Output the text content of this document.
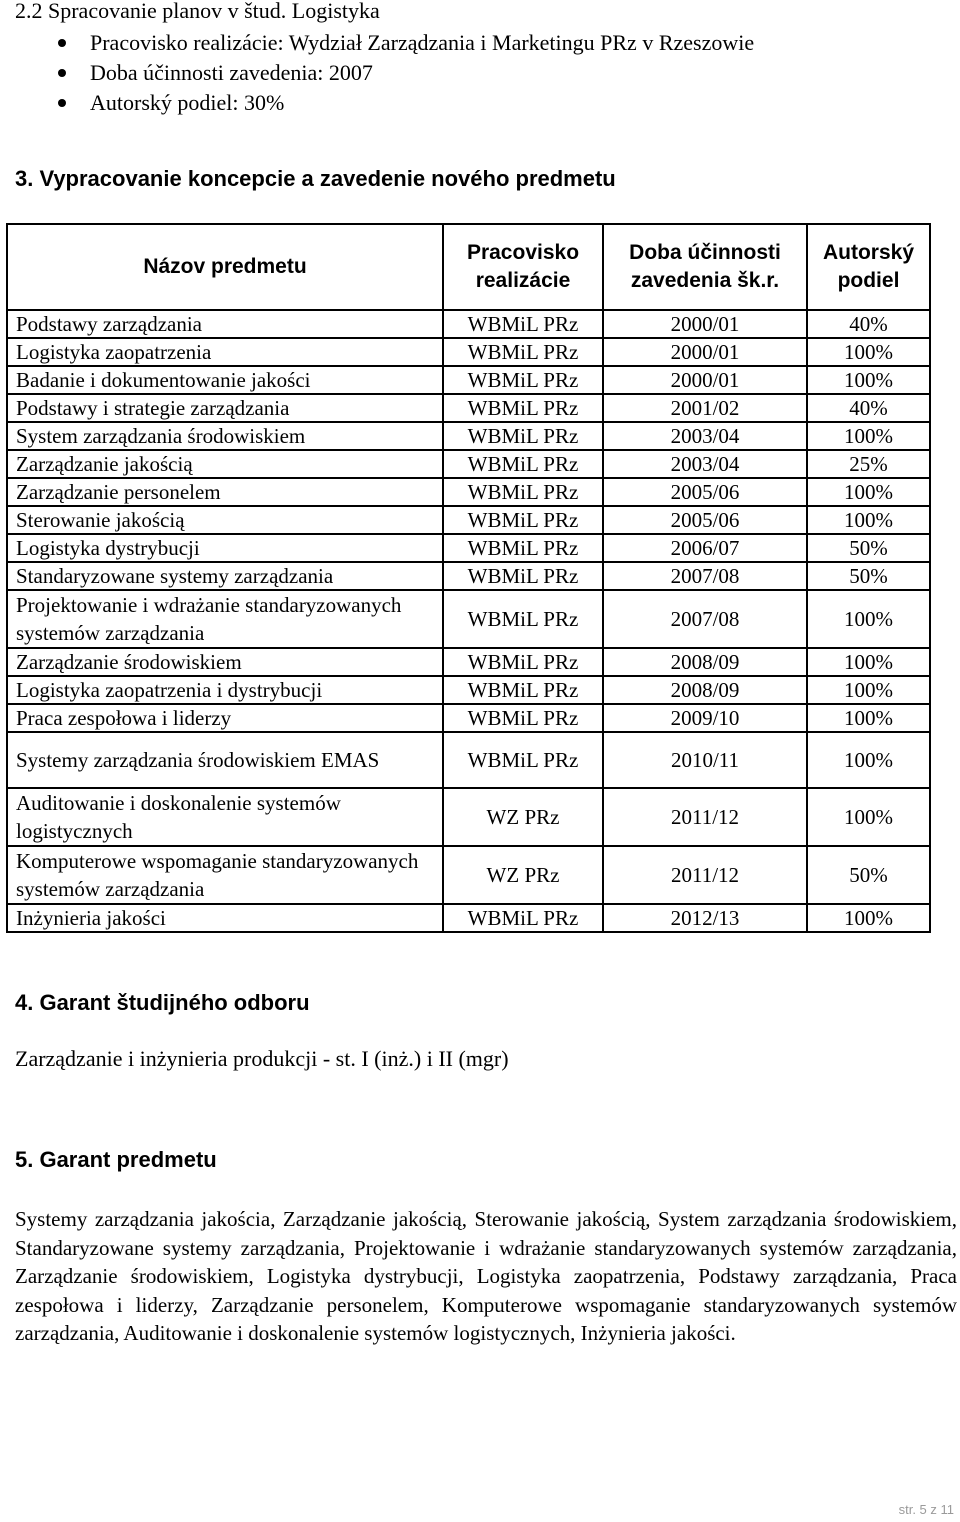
2.2 Spracovanie planov v štud. Logistyka
Pracovisko realizácie: Wydział Zarządzania i Marketingu PRz v Rzeszowie
Doba účinnosti zavedenia: 2007
Autorský podiel: 30%
3. Vypracovanie koncepcie a zavedenie nového predmetu
Názov predmetu	Pracovisko realizácie	Doba účinnosti zavedenia šk.r.	Autorský podiel
Podstawy zarządzania	WBMiL PRz	2000/01	40%
Logistyka zaopatrzenia	WBMiL PRz	2000/01	100%
Badanie i dokumentowanie jakości	WBMiL PRz	2000/01	100%
Podstawy i strategie zarządzania	WBMiL PRz	2001/02	40%
System zarządzania środowiskiem	WBMiL PRz	2003/04	100%
Zarządzanie jakością	WBMiL PRz	2003/04	25%
Zarządzanie personelem	WBMiL PRz	2005/06	100%
Sterowanie jakością	WBMiL PRz	2005/06	100%
Logistyka dystrybucji	WBMiL PRz	2006/07	50%
Standaryzowane systemy zarządzania	WBMiL PRz	2007/08	50%
Projektowanie i wdrażanie standaryzowanych systemów zarządzania	WBMiL PRz	2007/08	100%
Zarządzanie środowiskiem	WBMiL PRz	2008/09	100%
Logistyka zaopatrzenia i dystrybucji	WBMiL PRz	2008/09	100%
Praca zespołowa i liderzy	WBMiL PRz	2009/10	100%
Systemy zarządzania środowiskiem EMAS	WBMiL PRz	2010/11	100%
Auditowanie i doskonalenie systemów logistycznych	WZ PRz	2011/12	100%
Komputerowe wspomaganie standaryzowanych systemów zarządzania	WZ PRz	2011/12	50%
Inżynieria jakości	WBMiL PRz	2012/13	100%
4. Garant študijného odboru
Zarządzanie i inżynieria produkcji - st. I (inż.) i II (mgr)
5. Garant predmetu
Systemy zarządzania jakościa, Zarządzanie jakością, Sterowanie jakością, System zarządzania środowiskiem, Standaryzowane systemy zarządzania, Projektowanie i wdrażanie standaryzowanych systemów zarządzania, Zarządzanie środowiskiem, Logistyka dystrybucji, Logistyka zaopatrzenia, Podstawy zarządzania, Praca zespołowa i liderzy, Zarządzanie personelem, Komputerowe wspomaganie standaryzowanych systemów zarządzania, Auditowanie i doskonalenie systemów logistycznych, Inżynieria jakości.
str. 5 z 11
